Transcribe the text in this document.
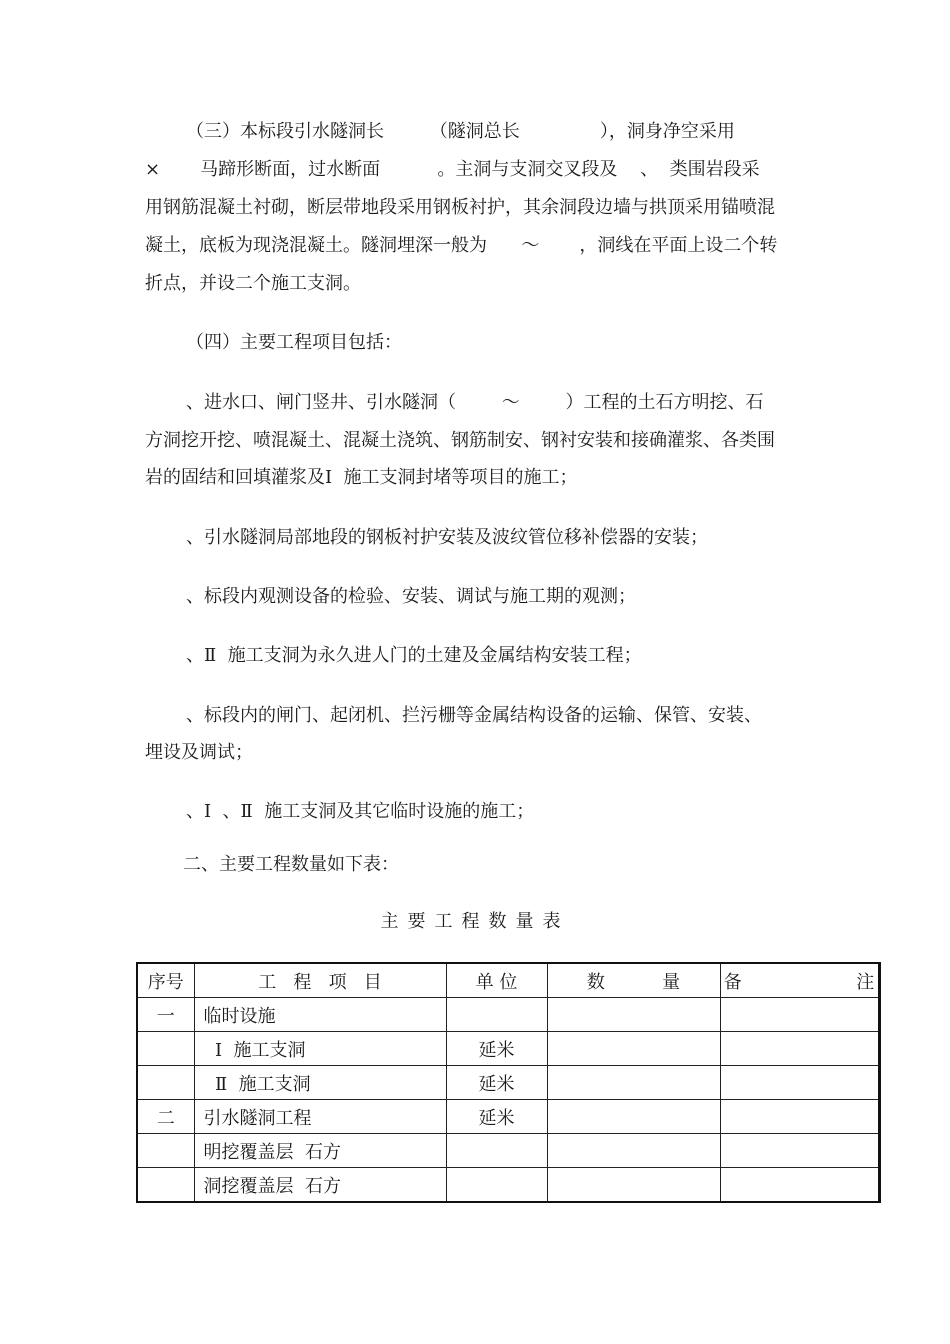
（三）本标段引水隧洞长        （隧洞总长              ），洞身净空采用
×       马蹄形断面，过水断面          。主洞与支洞交叉段及    、  类围岩段采
用钢筋混凝土衬砌，断层带地段采用钢板衬护，其余洞段边墙与拱顶采用锚喷混
凝土，底板为现浇混凝土。隧洞埋深一般为      ～       ，洞线在平面上设二个转
折点，并设二个施工支洞。
（四）主要工程项目包括：
、进水口、闸门竖井、引水隧洞（        ～        ）工程的土石方明挖、石
方洞挖开挖、喷混凝土、混凝土浇筑、钢筋制安、钢衬安装和接确灌浆、各类围
岩的固结和回填灌浆及Ⅰ  施工支洞封堵等项目的施工；
、引水隧洞局部地段的钢板衬护安装及波纹管位移补偿器的安装；
、标段内观测设备的检验、安装、调试与施工期的观测；
、Ⅱ  施工支洞为永久进人门的土建及金属结构安装工程；
、标段内的闸门、起闭机、拦污栅等金属结构设备的运输、保管、安装、
埋设及调试；
、Ⅰ  、Ⅱ  施工支洞及其它临时设施的施工；
二、主要工程数量如下表：
主要工程数量表
序号	工   程   项   目	单 位	数          量	备                    注
一	临时设施			
	Ⅰ  施工支洞	延米		
	Ⅱ  施工支洞	延米		
二	引水隧洞工程	延米		
	明挖覆盖层  石方			
	洞挖覆盖层  石方			
